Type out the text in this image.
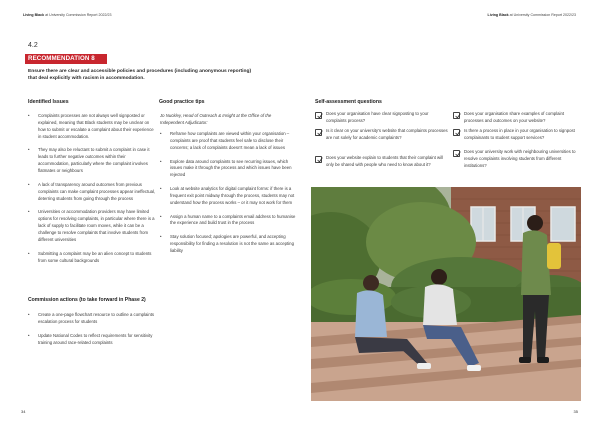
Living Black at University Commission Report 2022/23	Living Black at University Commission Report 2022/23
4.2
RECOMMENDATION 8
Ensure there are clear and accessible policies and procedures (including anonymous reporting) that deal explicitly with racism in accommodation.
Identified Issues	Good practice tips	Self-assessment questions
• Complaints processes are not always well signposted or explained, meaning that Black students may be unclear on how to submit or escalate a complaint about their experience in student accommodation.
• They may also be reluctant to submit a complaint in case it leads to further negative outcomes within their accommodation, particularly where the complaint involves flatmates or neighbours
• A lack of transparency around outcomes from previous complaints can make complaint processes appear ineffectual, deterring students from going through the process
• Universities or accommodation providers may have limited options for resolving complaints, in particular where there is a lack of supply to facilitate room moves, while it can be a challenge to resolve complaints that involve students from different universities
• Submitting a complaint may be an alien concept to students from some cultural backgrounds
Jo Nuckley, Head of Outreach & Insight at the Office of the Independent Adjudicator:
• Reframe how complaints are viewed within your organisation – complaints are proof that students feel safe to disclose their concerns; a lack of complaints doesn't mean a lack of issues
• Explore data around complaints to see recurring issues, which issues make it through the process and which issues have been rejected
• Look at website analytics for digital complaint forms: if there is a frequent exit point midway through the process, students may not understand how the process works – or it may not work for them
• Assign a human name to a complaints email address to humanise the experience and build trust in the process
• Stay solution focused; apologies are powerful, and accepting responsibility for finding a resolution is not the same as accepting liability
Commission actions (to take forward in Phase 2)
• Create a one-page flowchart resource to outline a complaints escalation process for students
• Update National Codes to reflect requirements for sensitivity training around race-related complaints
Does your organisation have clear signposting to your complaints process?
Is it clear on your university's website that complaints processes are not solely for academic complaints?
Does your website explain to students that their complaint will only be shared with people who need to know about it?
Does your organisation share examples of complaint processes and outcomes on your website?
Is there a process in place in your organisation to signpost complainants to student support services?
Does your university work with neighbouring universities to resolve complaints involving students from different institutions?
34	35
